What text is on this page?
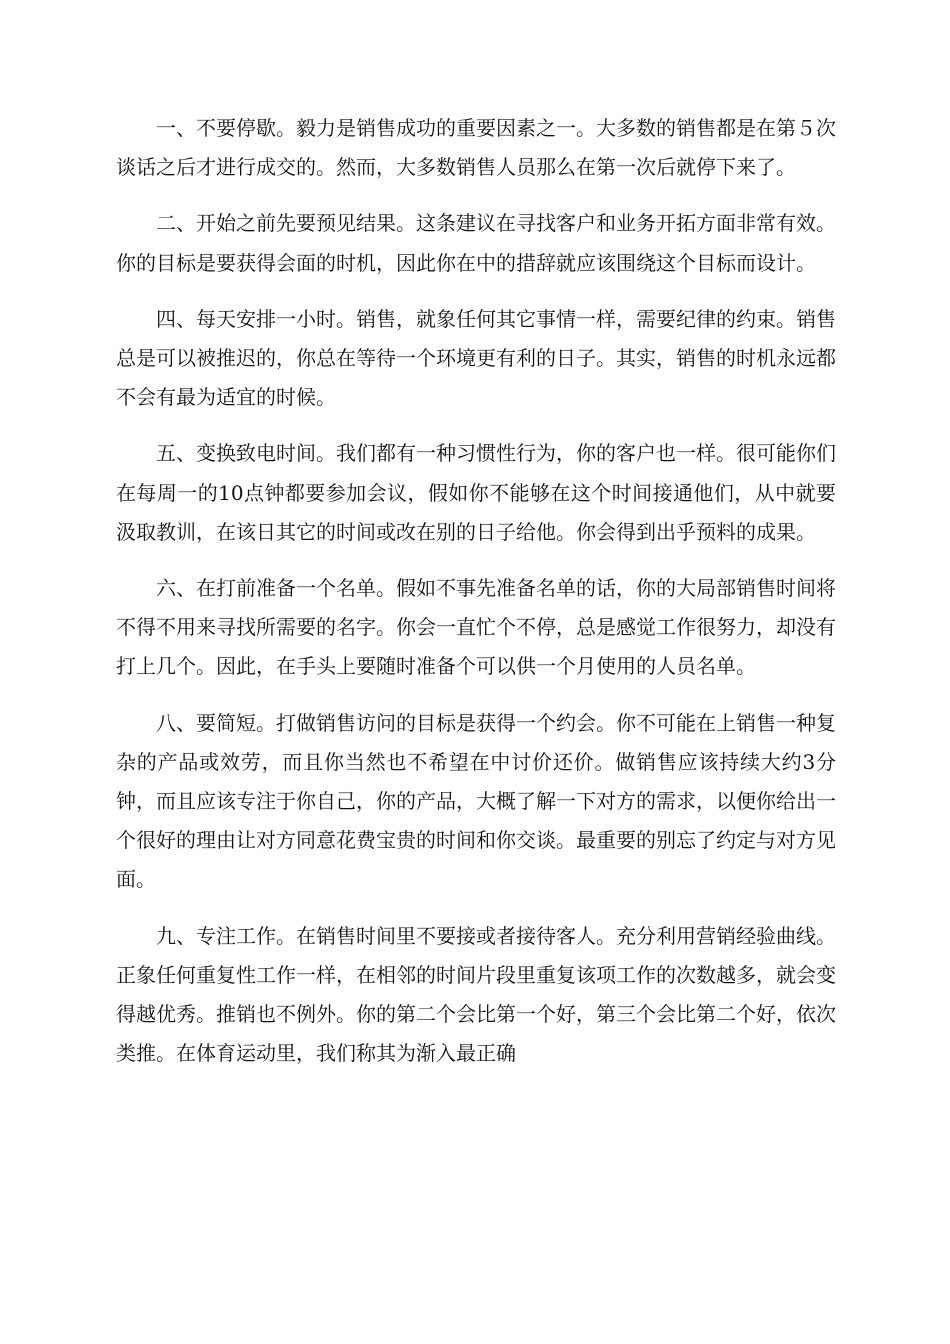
一、不要停歇。毅力是销售成功的重要因素之一。大多数的销售都是在第５次谈话之后才进行成交的。然而，大多数销售人员那么在第一次后就停下来了。

二、开始之前先要预见结果。这条建议在寻找客户和业务开拓方面非常有效。你的目标是要获得会面的时机，因此你在中的措辞就应该围绕这个目标而设计。

四、每天安排一小时。销售，就象任何其它事情一样，需要纪律的约束。销售总是可以被推迟的，你总在等待一个环境更有利的日子。其实，销售的时机永远都不会有最为适宜的时候。

五、变换致电时间。我们都有一种习惯性行为，你的客户也一样。很可能你们在每周一的10点钟都要参加会议，假如你不能够在这个时间接通他们，从中就要汲取教训，在该日其它的时间或改在别的日子给他。你会得到出乎预料的成果。

六、在打前准备一个名单。假如不事先准备名单的话，你的大局部销售时间将不得不用来寻找所需要的名字。你会一直忙个不停，总是感觉工作很努力，却没有打上几个。因此，在手头上要随时准备个可以供一个月使用的人员名单。

八、要简短。打做销售访问的目标是获得一个约会。你不可能在上销售一种复杂的产品或效劳，而且你当然也不希望在中讨价还价。做销售应该持续大约3分钟，而且应该专注于你自己，你的产品，大概了解一下对方的需求，以便你给出一个很好的理由让对方同意花费宝贵的时间和你交谈。最重要的别忘了约定与对方见面。

九、专注工作。在销售时间里不要接或者接待客人。充分利用营销经验曲线。正象任何重复性工作一样，在相邻的时间片段里重复该项工作的次数越多，就会变得越优秀。推销也不例外。你的第二个会比第一个好，第三个会比第二个好，依次类推。在体育运动里，我们称其为渐入最正确
